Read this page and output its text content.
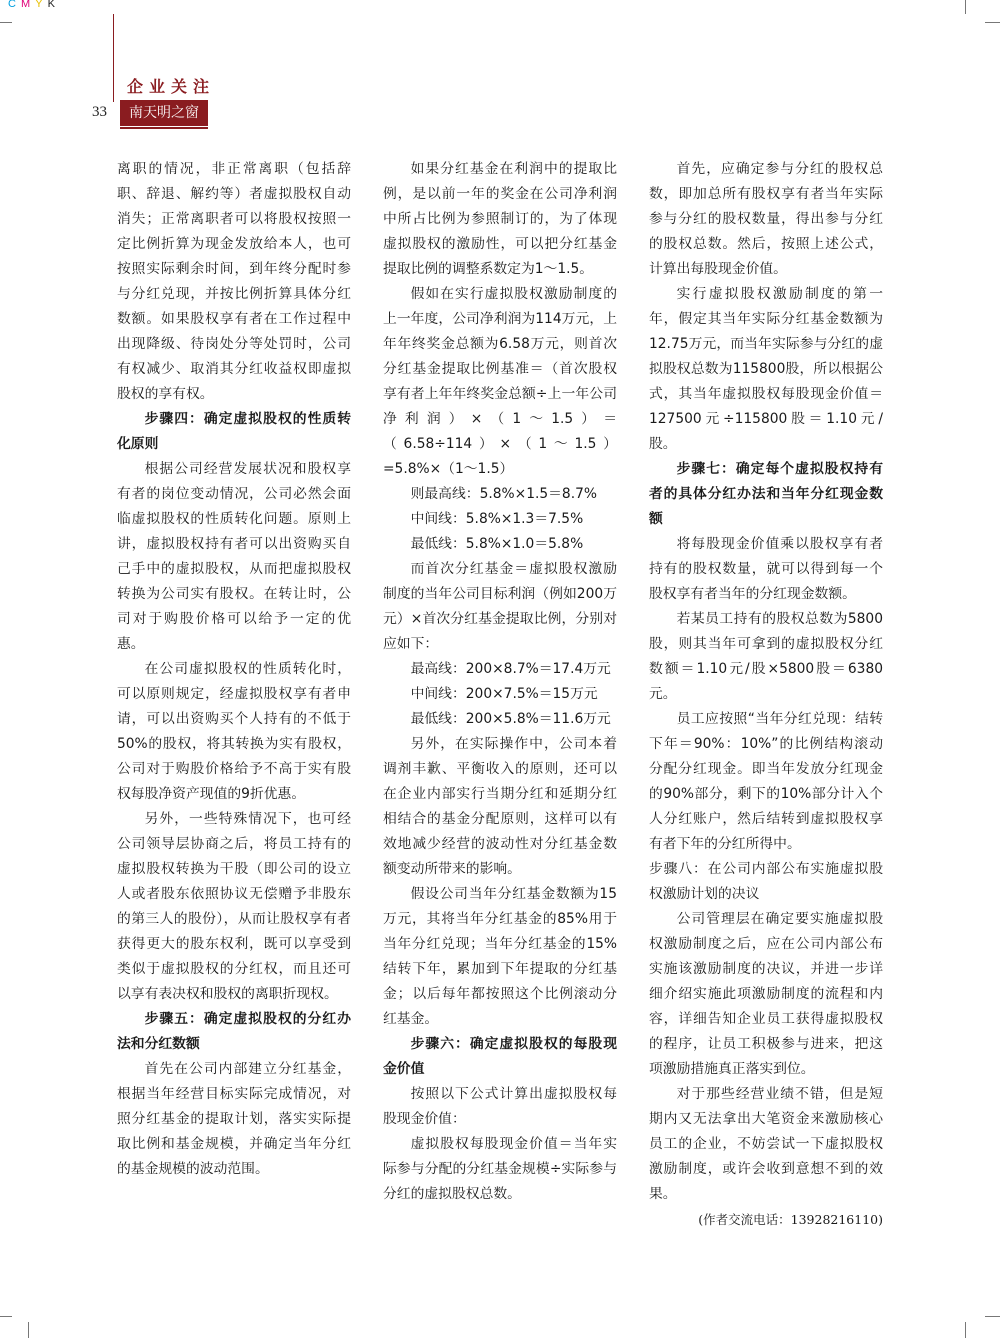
C M Y K
企业关注
33	南天明之窗

离职的情况，非正常离职（包括辞职、辞退、解约等）者虚拟股权自动消失；正常离职者可以将股权按照一定比例折算为现金发放给本人，也可按照实际剩余时间，到年终分配时参与分红兑现，并按比例折算具体分红数额。如果股权享有者在工作过程中出现降级、待岗处分等处罚时，公司有权减少、取消其分红收益权即虚拟股权的享有权。

步骤四：确定虚拟股权的性质转化原则

根据公司经营发展状况和股权享有者的岗位变动情况，公司必然会面临虚拟股权的性质转化问题。原则上讲，虚拟股权持有者可以出资购买自己手中的虚拟股权，从而把虚拟股权转换为公司实有股权。在转让时，公司对于购股价格可以给予一定的优惠。

在公司虚拟股权的性质转化时，可以原则规定，经虚拟股权享有者申请，可以出资购买个人持有的不低于50%的股权，将其转换为实有股权，公司对于购股价格给予不高于实有股权每股净资产现值的9折优惠。

另外，一些特殊情况下，也可经公司领导层协商之后，将员工持有的虚拟股权转换为干股（即公司的设立人或者股东依照协议无偿赠予非股东的第三人的股份），从而让股权享有者获得更大的股东权利，既可以享受到类似于虚拟股权的分红权，而且还可以享有表决权和股权的离职折现权。

步骤五：确定虚拟股权的分红办法和分红数额

首先在公司内部建立分红基金，根据当年经营目标实际完成情况，对照分红基金的提取计划，落实实际提取比例和基金规模，并确定当年分红的基金规模的波动范围。

如果分红基金在利润中的提取比例，是以前一年的奖金在公司净利润中所占比例为参照制订的，为了体现虚拟股权的激励性，可以把分红基金提取比例的调整系数定为1～1.5。

假如在实行虚拟股权激励制度的上一年度，公司净利润为114万元，上年年终奖金总额为6.58万元，则首次分红基金提取比例基准＝（首次股权享有者上年年终奖金总额÷上一年公司净利润）×（1～1.5）＝（6.58÷114）×（1～1.5）=5.8%×（1～1.5）

则最高线：5.8%×1.5＝8.7%

中间线：5.8%×1.3＝7.5%

最低线：5.8%×1.0＝5.8%

而首次分红基金＝虚拟股权激励制度的当年公司目标利润（例如200万元）×首次分红基金提取比例，分别对应如下：

最高线：200×8.7%＝17.4万元

中间线：200×7.5%＝15万元

最低线：200×5.8%＝11.6万元

另外，在实际操作中，公司本着调剂丰歉、平衡收入的原则，还可以在企业内部实行当期分红和延期分红相结合的基金分配原则，这样可以有效地减少经营的波动性对分红基金数额变动所带来的影响。

假设公司当年分红基金数额为15万元，其将当年分红基金的85%用于当年分红兑现；当年分红基金的15%结转下年，累加到下年提取的分红基金；以后每年都按照这个比例滚动分红基金。

步骤六：确定虚拟股权的每股现金价值

按照以下公式计算出虚拟股权每股现金价值：

虚拟股权每股现金价值＝当年实际参与分配的分红基金规模÷实际参与分红的虚拟股权总数。

首先，应确定参与分红的股权总数，即加总所有股权享有者当年实际参与分红的股权数量，得出参与分红的股权总数。然后，按照上述公式，计算出每股现金价值。

实行虚拟股权激励制度的第一年，假定其当年实际分红基金数额为12.75万元，而当年实际参与分红的虚拟股权总数为115800股，所以根据公式，其当年虚拟股权每股现金价值＝127500元÷115800股＝1.10元/股。

步骤七：确定每个虚拟股权持有者的具体分红办法和当年分红现金数额

将每股现金价值乘以股权享有者持有的股权数量，就可以得到每一个股权享有者当年的分红现金数额。

若某员工持有的股权总数为5800股，则其当年可拿到的虚拟股权分红数额＝1.10元/股×5800股＝6380元。

员工应按照“当年分红兑现：结转下年＝90%：10%”的比例结构滚动分配分红现金。即当年发放分红现金的90%部分，剩下的10%部分计入个人分红账户，然后结转到虚拟股权享有者下年的分红所得中。

步骤八：在公司内部公布实施虚拟股权激励计划的决议

公司管理层在确定要实施虚拟股权激励制度之后，应在公司内部公布实施该激励制度的决议，并进一步详细介绍实施此项激励制度的流程和内容，详细告知企业员工获得虚拟股权的程序，让员工积极参与进来，把这项激励措施真正落实到位。

对于那些经营业绩不错，但是短期内又无法拿出大笔资金来激励核心员工的企业，不妨尝试一下虚拟股权激励制度，或许会收到意想不到的效果。

(作者交流电话：13928216110)
